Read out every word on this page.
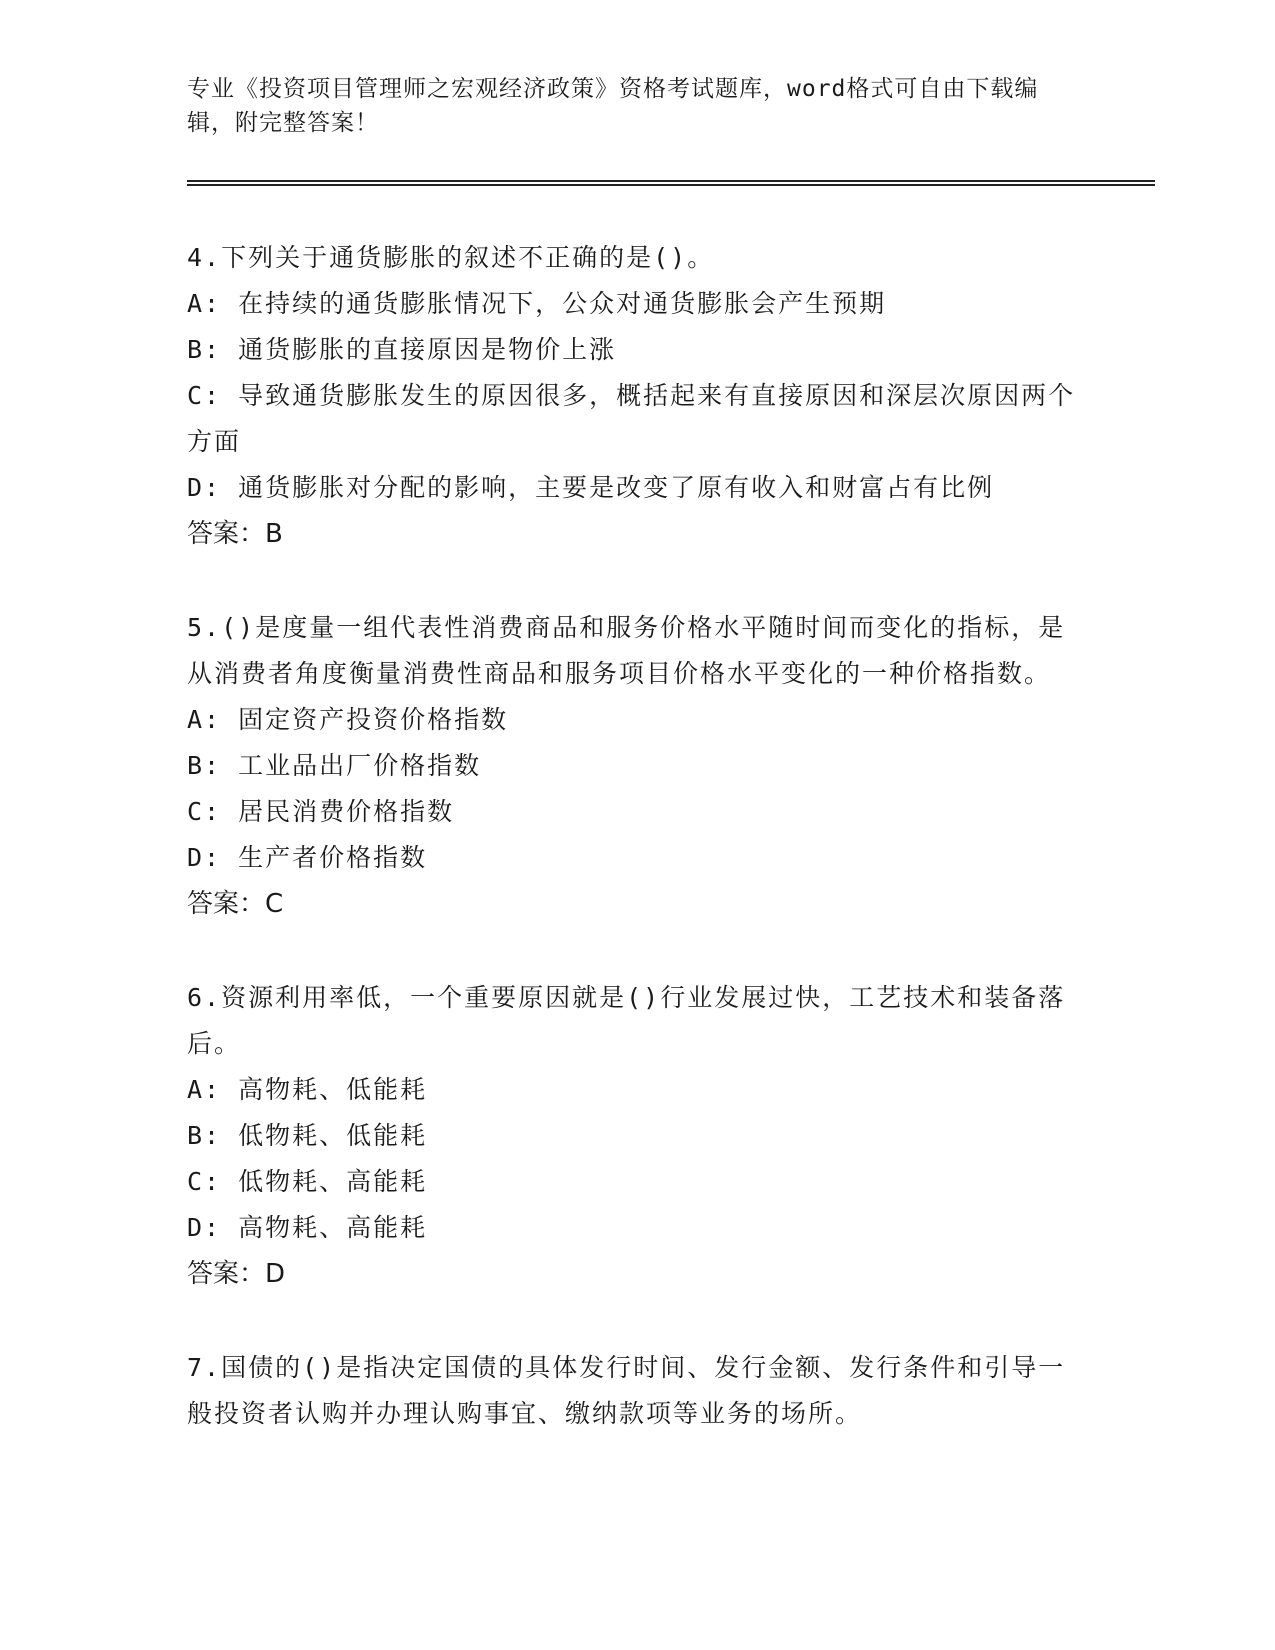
专业《投资项目管理师之宏观经济政策》资格考试题库，word格式可自由下载编辑，附完整答案！
4.下列关于通货膨胀的叙述不正确的是()。
A: 在持续的通货膨胀情况下，公众对通货膨胀会产生预期
B: 通货膨胀的直接原因是物价上涨
C: 导致通货膨胀发生的原因很多，概括起来有直接原因和深层次原因两个方面
D: 通货膨胀对分配的影响，主要是改变了原有收入和财富占有比例
答案：B
5.()是度量一组代表性消费商品和服务价格水平随时间而变化的指标，是从消费者角度衡量消费性商品和服务项目价格水平变化的一种价格指数。
A: 固定资产投资价格指数
B: 工业品出厂价格指数
C: 居民消费价格指数
D: 生产者价格指数
答案：C
6.资源利用率低，一个重要原因就是()行业发展过快，工艺技术和装备落后。
A: 高物耗、低能耗
B: 低物耗、低能耗
C: 低物耗、高能耗
D: 高物耗、高能耗
答案：D
7.国债的()是指决定国债的具体发行时间、发行金额、发行条件和引导一般投资者认购并办理认购事宜、缴纳款项等业务的场所。
